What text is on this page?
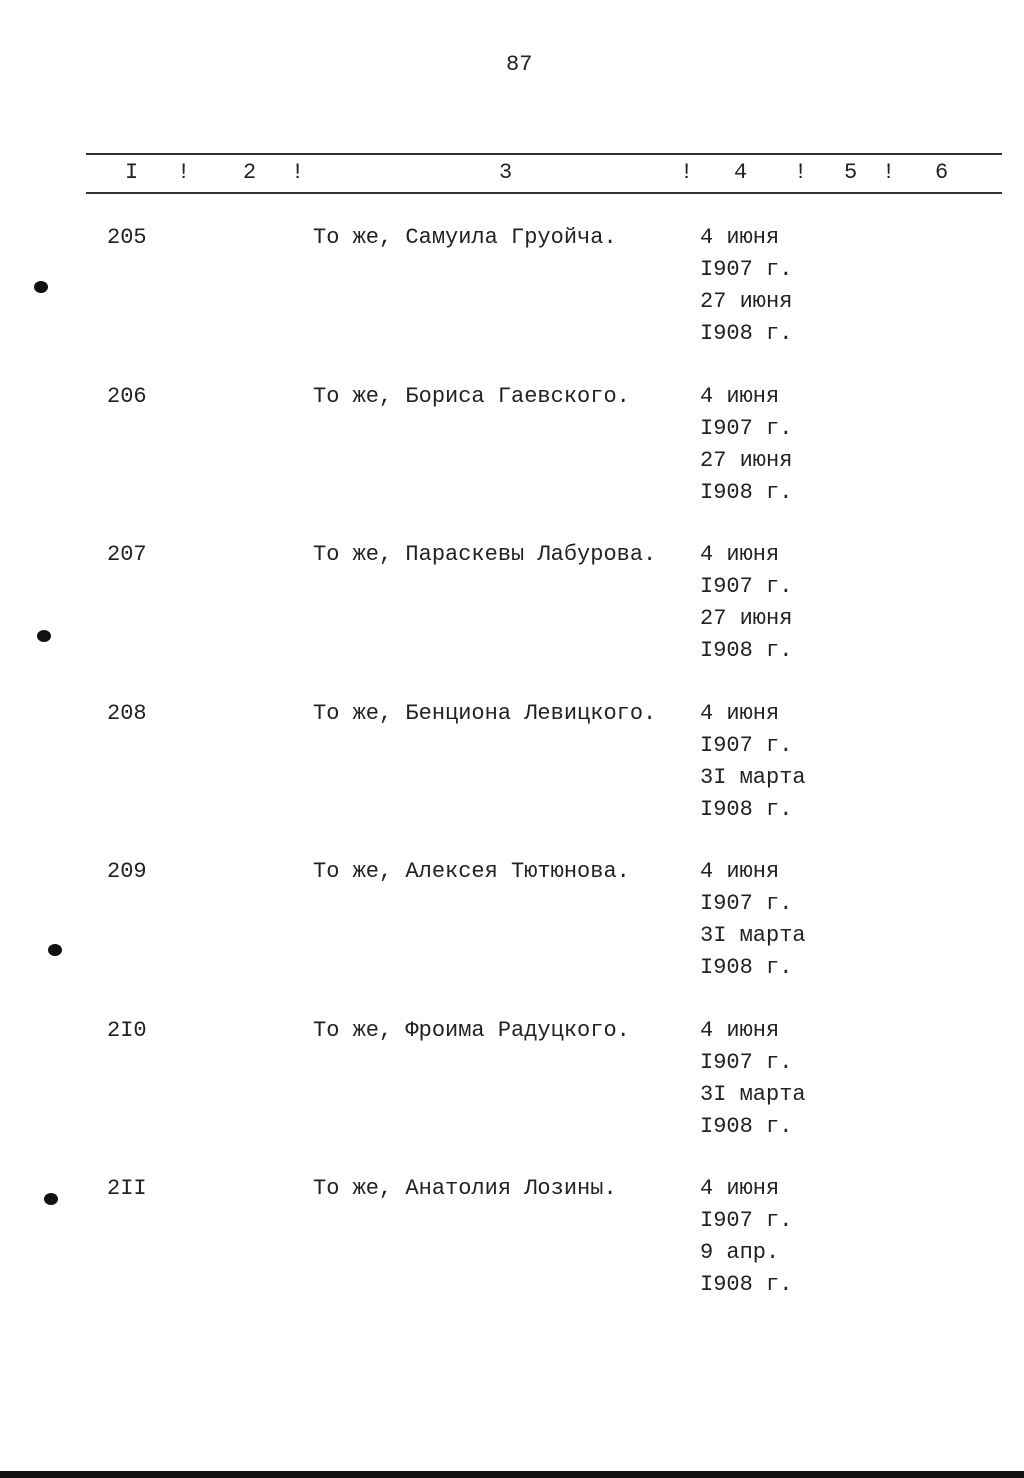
87
I ! 2 !	3	! 4 ! 5 ! 6
205	То же, Самуила Груойча.	4 июня
I907 г.
27 июня
I908 г.
206	То же, Бориса Гаевского.	4 июня
I907 г.
27 июня
I908 г.
207	То же, Параскевы Лабурова. 4 июня
I907 г.
27 июня
I908 г.
208	То же, Бенциона Левицкого. 4 июня
I907 г.
3I марта
I908 г.
209	То же, Алексея Тютюнова.	4 июня
I907 г.
3I марта
I908 г.
2I0	То же, Фроима Радуцкого.	4 июня
I907 г.
3I марта
I908 г.
2II	То же, Анатолия Лозины.	4 июня
I907 г.
9 апр.
I908 г.
